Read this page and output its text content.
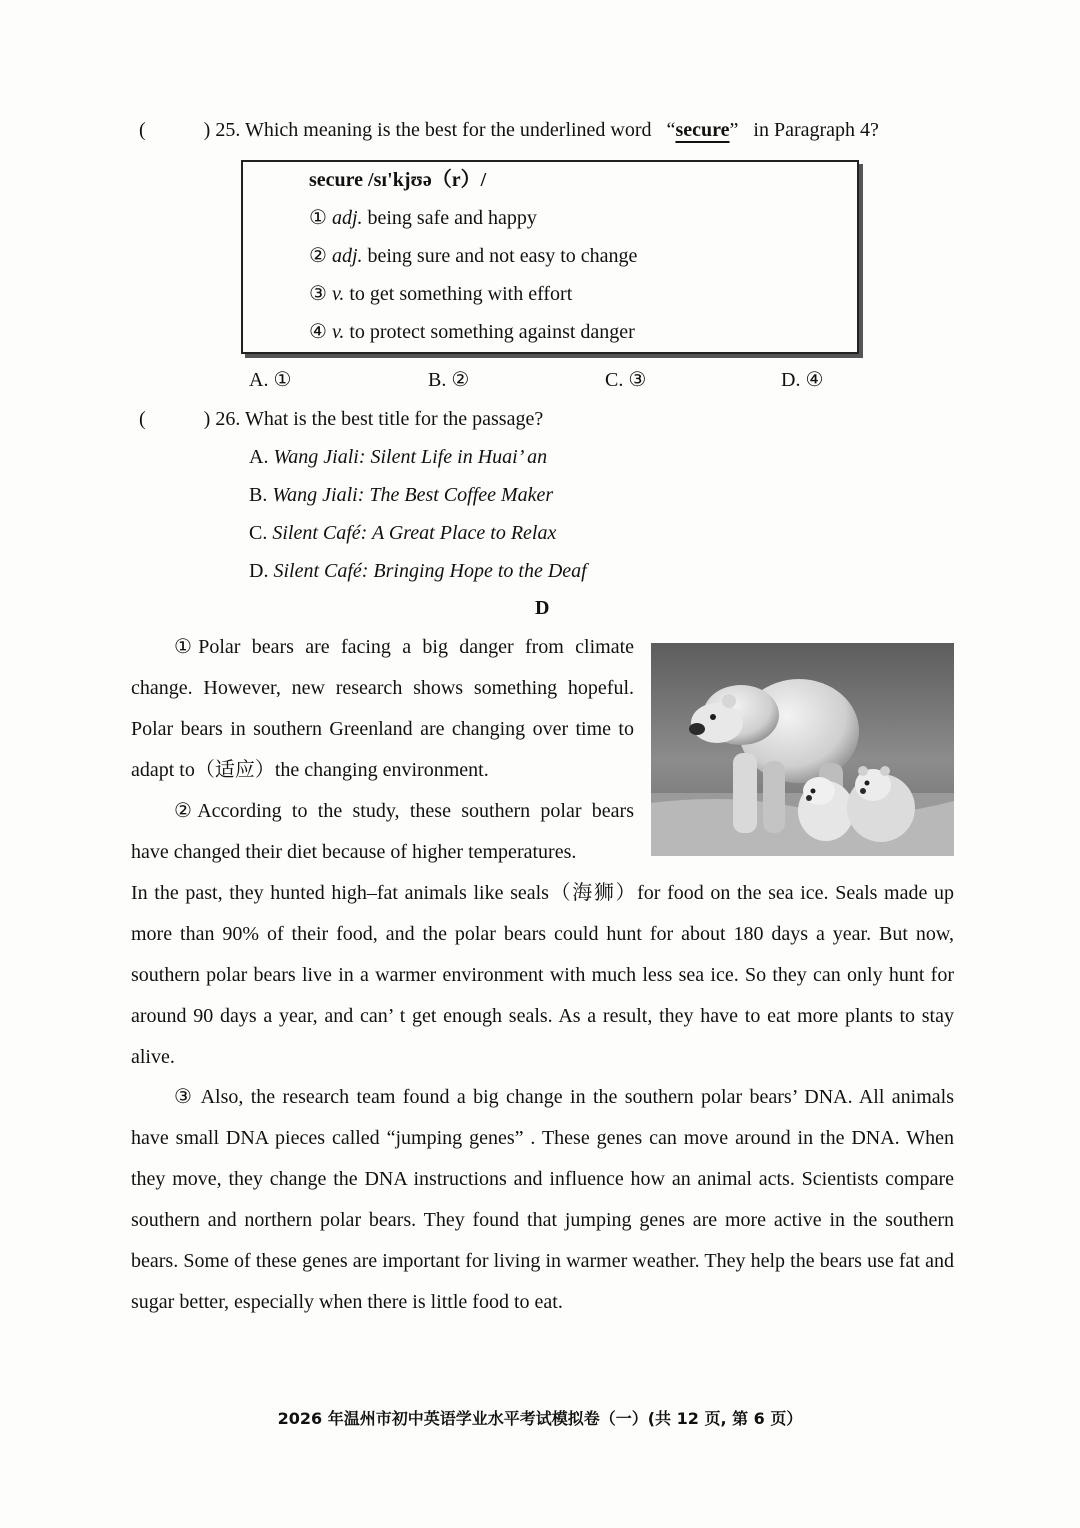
(	) 25. Which meaning is the best for the underlined word “secure” in Paragraph 4?
secure /sɪ'kjʊə（r）/
① adj. being safe and happy
② adj. being sure and not easy to change
③ v. to get something with effort
④ v. to protect something against danger
A. ①	B. ②	C. ③	D. ④
(	) 26. What is the best title for the passage?
A. Wang Jiali: Silent Life in Huai’ an
B. Wang Jiali: The Best Coffee Maker
C. Silent Café: A Great Place to Relax
D. Silent Café: Bringing Hope to the Deaf
D
①Polar bears are facing a big danger from climate change. However, new research shows something hopeful. Polar bears in southern Greenland are changing over time to adapt to（适应）the changing environment.
②According to the study, these southern polar bears have changed their diet because of higher temperatures.
In the past, they hunted high–fat animals like seals（海狮）for food on the sea ice. Seals made up more than 90% of their food, and the polar bears could hunt for about 180 days a year. But now, southern polar bears live in a warmer environment with much less sea ice. So they can only hunt for around 90 days a year, and can’ t get enough seals. As a result, they have to eat more plants to stay alive.
③ Also, the research team found a big change in the southern polar bears’ DNA. All animals have small DNA pieces called “jumping genes” . These genes can move around in the DNA. When they move, they change the DNA instructions and influence how an animal acts. Scientists compare southern and northern polar bears. They found that jumping genes are more active in the southern bears. Some of these genes are important for living in warmer weather. They help the bears use fat and sugar better, especially when there is little food to eat.
2026 年温州市初中英语学业水平考试模拟卷（一）(共 12 页, 第 6 页）
